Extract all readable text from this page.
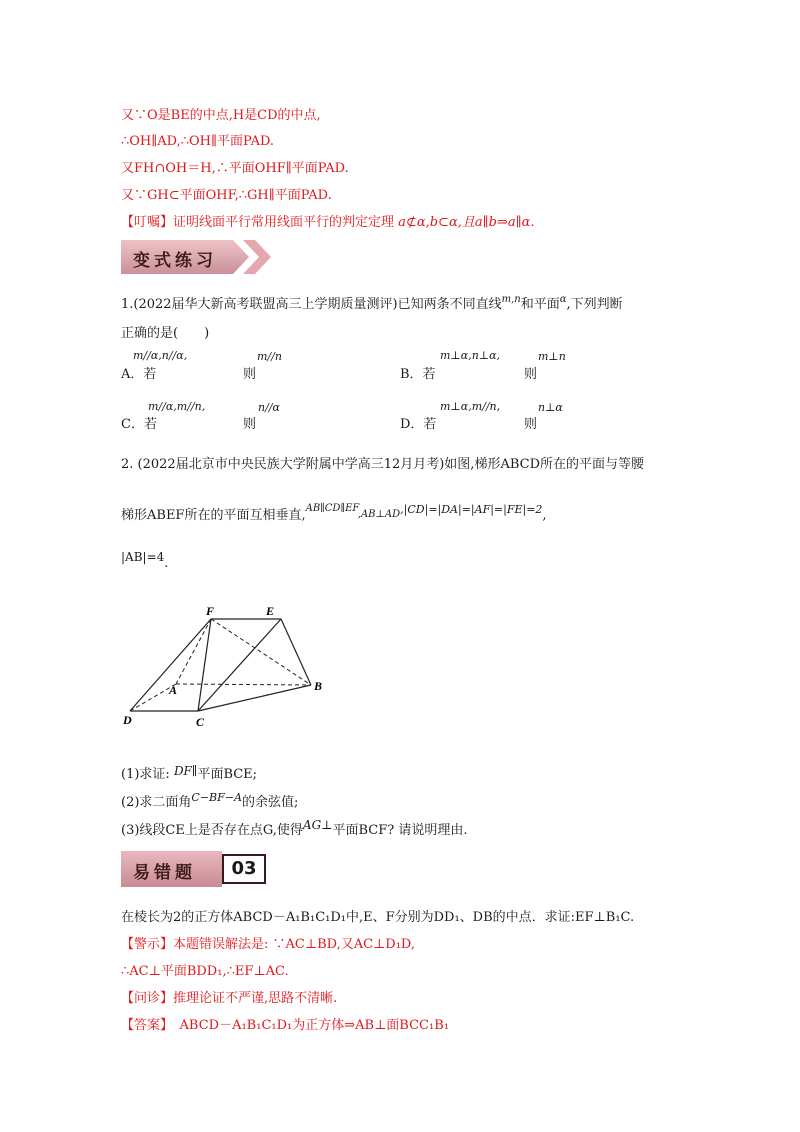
又∵O是BE的中点,H是CD的中点,
∴OH∥AD,∴OH∥平面PAD.
又FH∩OH＝H,∴平面OHF∥平面PAD.
又∵GH⊂平面OHF,∴GH∥平面PAD.
【叮嘱】证明线面平行常用线面平行的判定定理 a⊄α,b⊂α,且a∥b⇒a∥α.
变式练习
1.(2022届华大新高考联盟高三上学期质量测评)已知两条不同直线$^{m,n}$和平面$^\alpha$,下列判断
正确的是(　　)
A．若
m//α,n//α,
则
m//n
B．若
m⊥α,n⊥α,
则
m⊥n
C．若
m//α,m//n,
则
n//α
D．若
m⊥α,m//n,
则
n⊥α
2. (2022届北京市中央民族大学附属中学高三12月月考)如图,梯形ABCD所在的平面与等腰
梯形ABEF所在的平面互相垂直$,^{AB\parallel CD\parallel EF},AB\perp AD^{,|CD|=|DA|=|AF|=|FE|=2}$,
|AB|=4.
F	E
A	B
D	C
(1)求证: DF∥平面BCE;
(2)求二面角$^{C-BF-A}$的余弦值;
(3)线段CE上是否存在点G,使得AG⊥平面BCF? 请说明理由.
易错题	03
在棱长为2的正方体ABCD－A₁B₁C₁D₁中,E、F分别为DD₁、DB的中点．求证:EF⊥B₁C.
【警示】本题错误解法是: ∵AC⊥BD,又AC⊥D₁D,
∴AC⊥平面BDD₁,∴EF⊥AC.
【问诊】推理论证不严谨,思路不清晰.
【答案】　 ABCD－A₁B₁C₁D₁为正方体⇒AB⊥面BCC₁B₁
